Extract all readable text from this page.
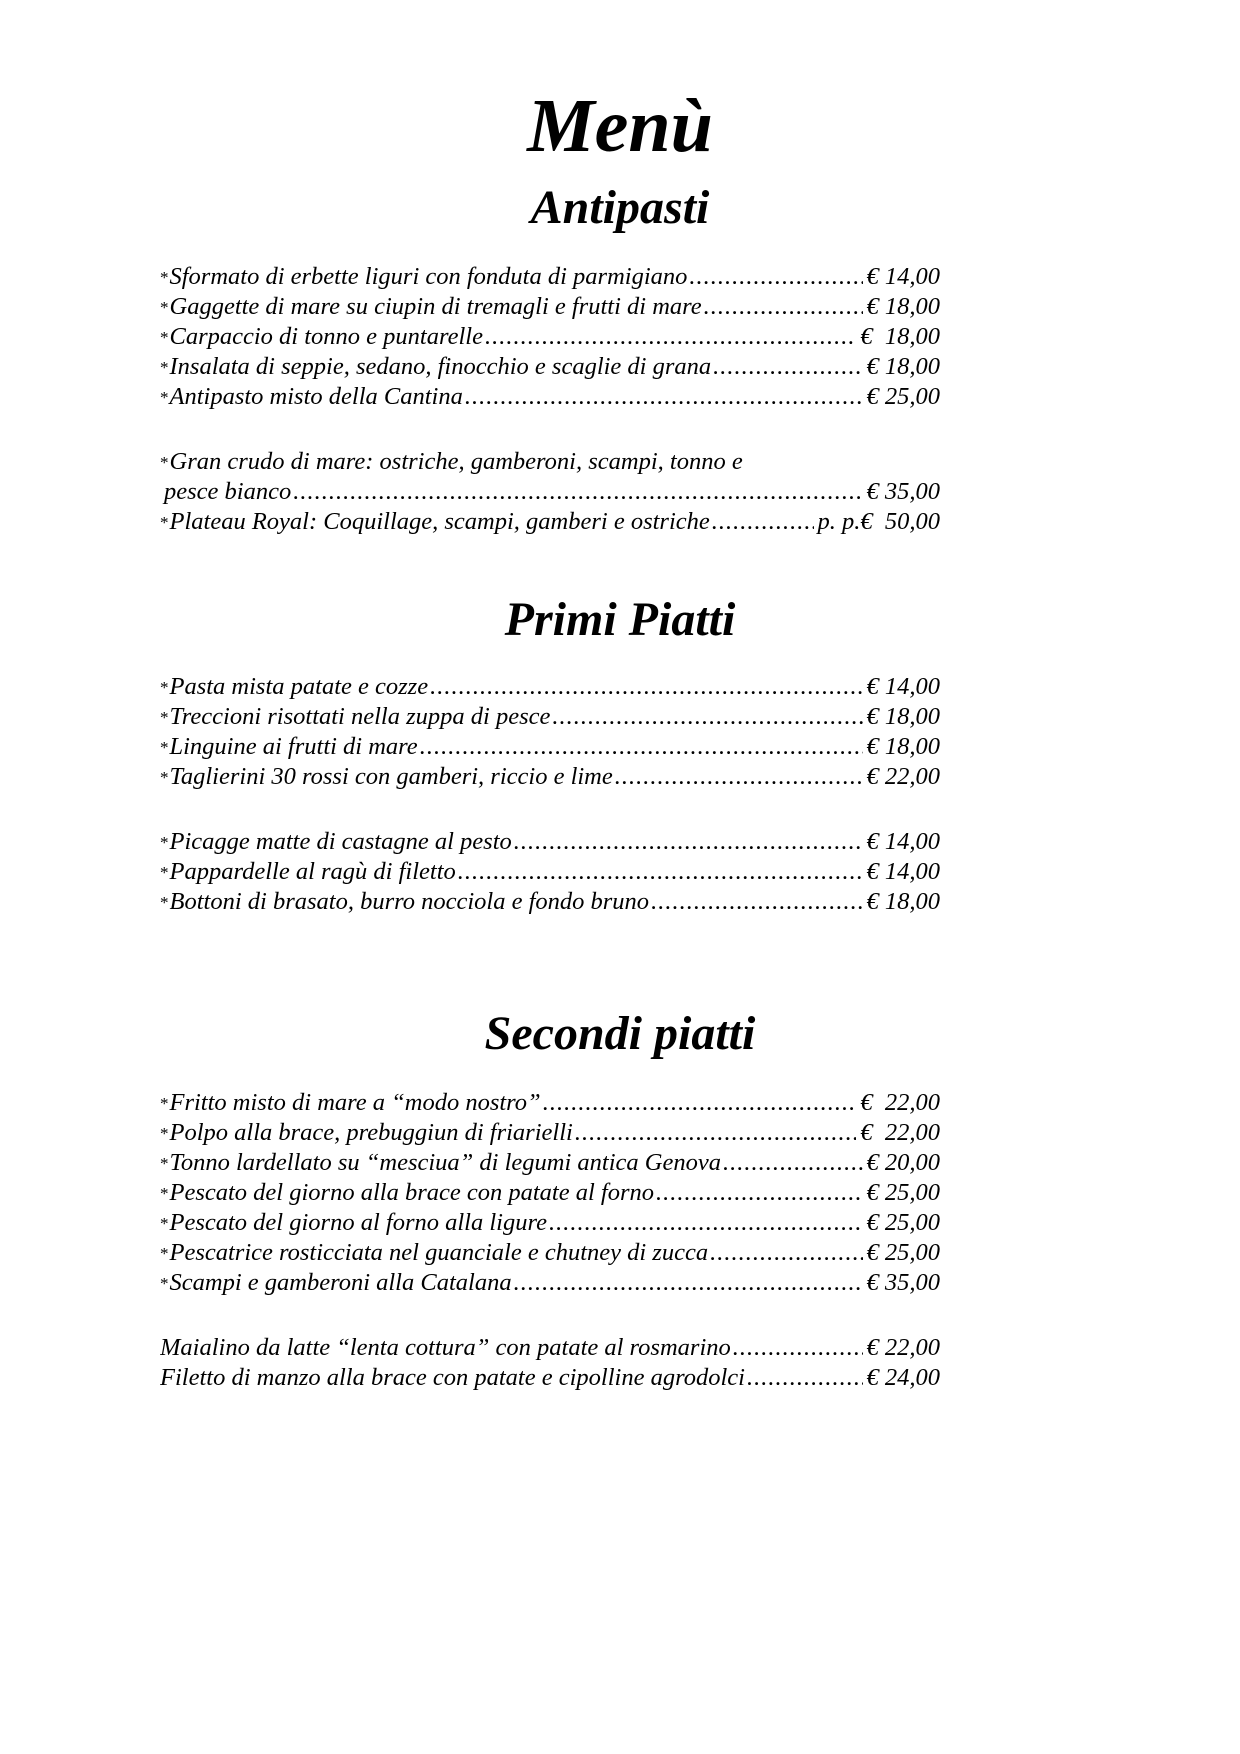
Menù
Antipasti
* Sformato di erbette liguri con fonduta di parmigiano .....	€ 14,00
* Gaggette di mare su ciupin di tremagli e frutti di mare .....	€ 18,00
* Carpaccio di tonno e puntarelle .....	€  18,00
* Insalata di seppie, sedano, finocchio e scaglie di grana .....	€ 18,00
* Antipasto misto della Cantina .....	€ 25,00
* Gran crudo di mare: ostriche, gamberoni, scampi, tonno e
pesce bianco .....	€ 35,00
* Plateau Royal: Coquillage, scampi, gamberi e ostriche .....	p. p. €  50,00
Primi Piatti
* Pasta mista patate e cozze .....	€ 14,00
* Treccioni risottati nella zuppa di pesce .....	€ 18,00
* Linguine ai frutti di mare .....	€ 18,00
* Taglierini 30 rossi con gamberi, riccio e lime .....	€ 22,00
* Picagge matte di castagne al pesto .....	€ 14,00
* Pappardelle al ragù di filetto .....	€ 14,00
* Bottoni di brasato, burro nocciola e fondo bruno .....	€ 18,00
Secondi piatti
* Fritto misto di mare a “modo nostro” .....	€  22,00
* Polpo alla brace, prebuggiun di friarielli .....	€  22,00
* Tonno lardellato su “mesciua” di legumi antica Genova .....	€ 20,00
* Pescato del giorno alla brace con patate al forno .....	€ 25,00
* Pescato del giorno al forno alla ligure .....	€ 25,00
* Pescatrice rosticciata nel guanciale e chutney di zucca .....	€ 25,00
* Scampi e gamberoni alla Catalana .....	€ 35,00
Maialino da latte “lenta cottura” con patate al rosmarino .....	€ 22,00
Filetto di manzo alla brace con patate e cipolline agrodolci .....	€ 24,00
